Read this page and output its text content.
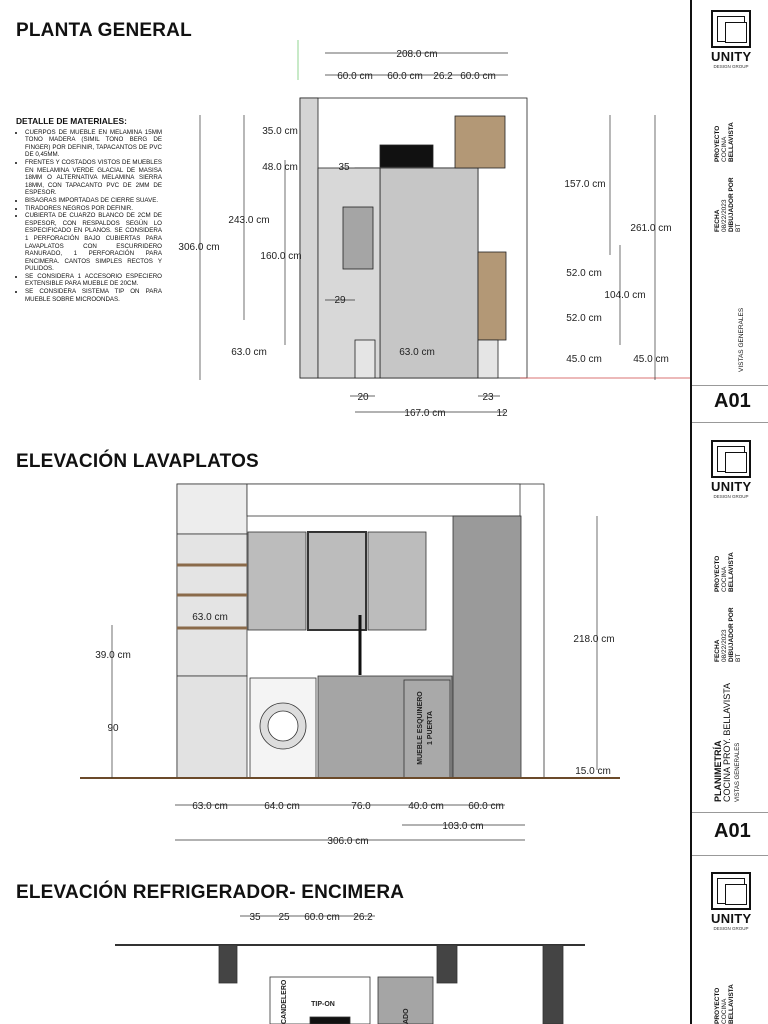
PLANTA GENERAL
ELEVACIÓN LAVAPLATOS
ELEVACIÓN REFRIGERADOR- ENCIMERA
DETALLE DE MATERIALES:
• CUERPOS DE MUEBLE EN MELAMINA 15MM TONO MADERA (SIMIL TONO BERG DE FINGER) POR DEFINIR, TAPACANTOS DE PVC DE 0,45MM.
• FRENTES Y COSTADOS VISTOS DE MUEBLES EN MELAMINA VERDE GLACIAL DE MASISA 18MM O ALTERNATIVA MELAMINA SIERRA 18MM, CON TAPACANTO PVC DE 2MM DE ESPESOR.
• BISAGRAS IMPORTADAS DE CIERRE SUAVE.
• TIRADORES NEGROS POR DEFINIR.
• CUBIERTA DE CUARZO BLANCO DE 2CM DE ESPESOR, CON RESPALDOS SEGÚN LO ESPECIFICADO EN PLANOS. SE CONSIDERA 1 PERFORACIÓN BAJO CUBIERTAS PARA LAVAPLATOS CON ESCURRIDERO RANURADO, 1 PERFORACIÓN PARA ENCIMERA. CANTOS SIMPLES RECTOS Y PULIDOS.
• SE CONSIDERA 1 ACCESORIO ESPECIERO EXTENSIBLE PARA MUEBLE DE 20CM.
• SE CONSIDERA SISTEMA TIP ON PARA MUEBLE SOBRE MICROONDAS.
208.0 cm
60.0 cm 60.0 cm 26.2 60.0 cm
35.0 cm
48.0 cm	35
243.0 cm
306.0 cm
160.0 cm
29
63.0 cm	63.0 cm
157.0 cm
261.0 cm
52.0 cm
104.0 cm
52.0 cm
45.0 cm	45.0 cm
20	23
167.0 cm	12
63.0 cm
39.0 cm
90
218.0 cm
15.0 cm
63.0 cm	64.0 cm	76.0	40.0 cm 60.0 cm
103.0 cm
306.0 cm
MUEBLE ESQUINERO 1 PUERTA
35 25 60.0 cm 26.2
TIP-ON
CANDELERO	ADO
UNITY
DESIGN GROUP
PROYECTO
COCINA
BELLAVISTA
FECHA
08/22/2023
DIBUJADOR POR
BT
VISTAS GENERALES
A01
UNITY
DESIGN GROUP
PROYECTO
COCINA
BELLAVISTA
FECHA
08/22/2023
DIBUJADOR POR
BT
PLANIMETRÍA
COCINA PROY. BELLAVISTA VISTAS GENERALES
A01
UNITY
DESIGN GROUP
PROYECTO
COCINA
BELLAVISTA
